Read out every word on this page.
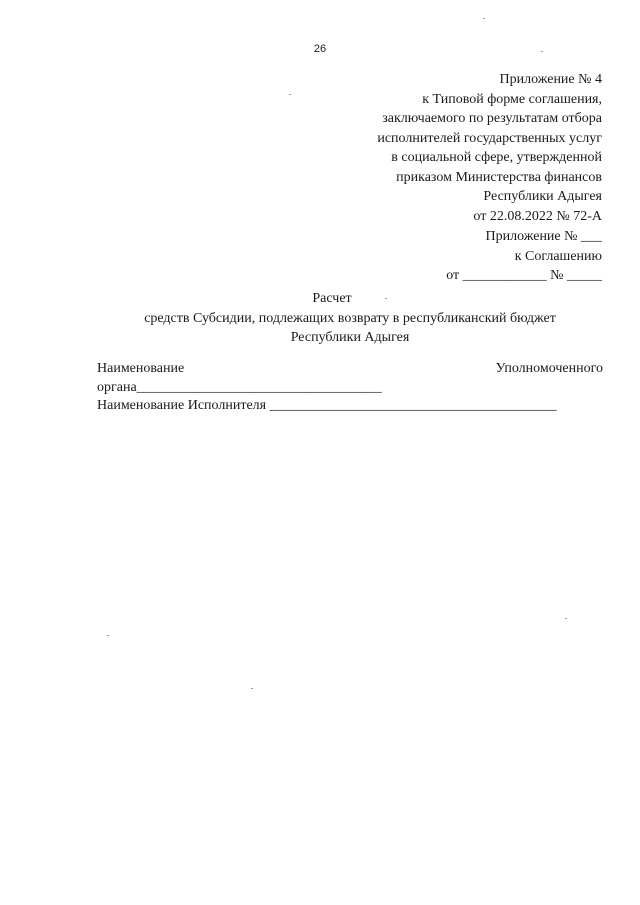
26
Приложение № 4
к Типовой форме соглашения,
заключаемого по результатам отбора
исполнителей государственных услуг
в социальной сфере, утвержденной
приказом Министерства финансов
Республики Адыгея
от 22.08.2022 № 72-А
Приложение № ___
к Соглашению
от ____________ № _____
Расчет
средств Субсидии, подлежащих возврату в республиканский бюджет
Республики Адыгея
Наименование	Уполномоченного
органа___________________________________
Наименование Исполнителя _________________________________________
